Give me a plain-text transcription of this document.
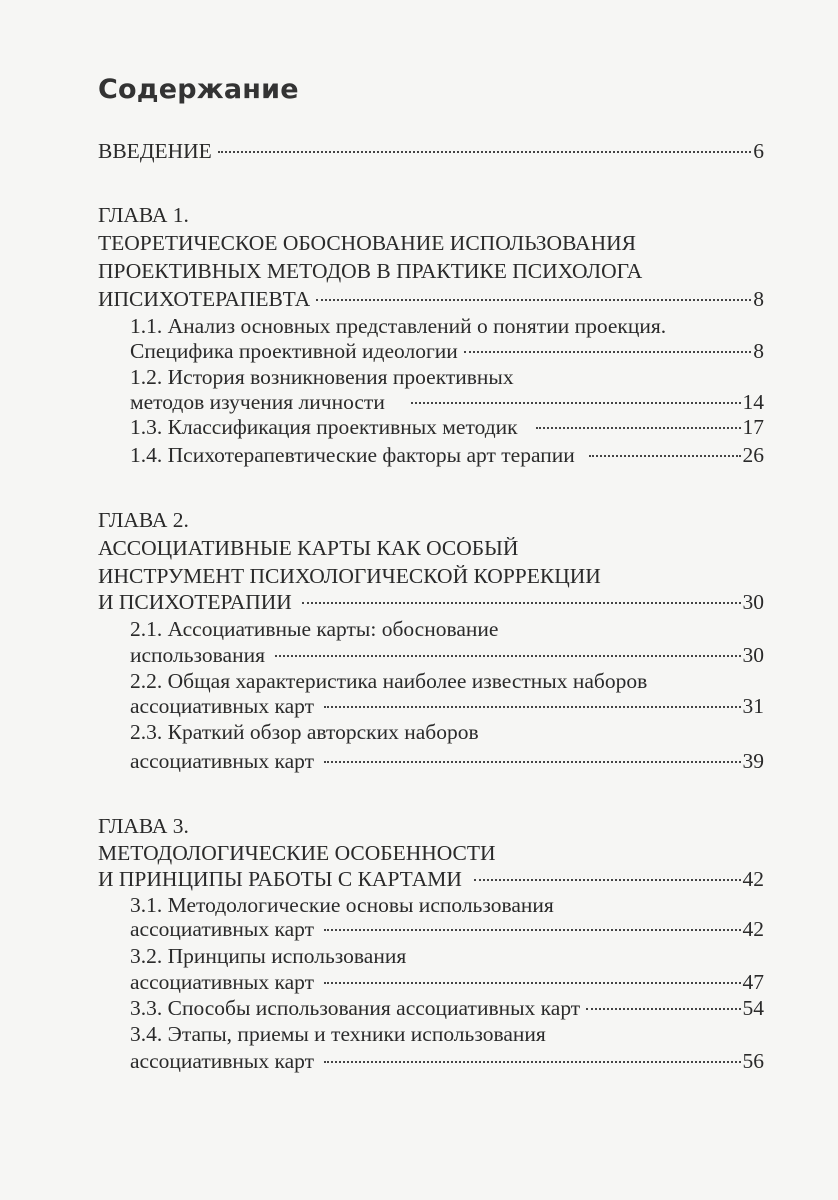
Содержание
ВВЕДЕНИЕ	6
ГЛАВА 1.
ТЕОРЕТИЧЕСКОЕ ОБОСНОВАНИЕ ИСПОЛЬЗОВАНИЯ
ПРОЕКТИВНЫХ МЕТОДОВ В ПРАКТИКЕ ПСИХОЛОГА
ИПСИХОТЕРАПЕВТА	8
1.1. Анализ основных представлений о понятии проекция.
Специфика проективной идеологии	8
1.2. История возникновения проективных
методов изучения личности	14
1.3. Классификация проективных методик	17
1.4. Психотерапевтические факторы арт терапии	26
ГЛАВА 2.
АССОЦИАТИВНЫЕ КАРТЫ КАК ОСОБЫЙ
ИНСТРУМЕНТ ПСИХОЛОГИЧЕСКОЙ КОРРЕКЦИИ
И ПСИХОТЕРАПИИ	30
2.1. Ассоциативные карты: обоснование
использования	30
2.2. Общая характеристика наиболее известных наборов
ассоциативных карт	31
2.3. Краткий обзор авторских наборов
ассоциативных карт	39
ГЛАВА 3.
МЕТОДОЛОГИЧЕСКИЕ ОСОБЕННОСТИ
И ПРИНЦИПЫ РАБОТЫ С КАРТАМИ	42
3.1. Методологические основы использования
ассоциативных карт	42
3.2. Принципы использования
ассоциативных карт	47
3.3. Способы использования ассоциативных карт	54
3.4. Этапы, приемы и техники использования
ассоциативных карт	56
